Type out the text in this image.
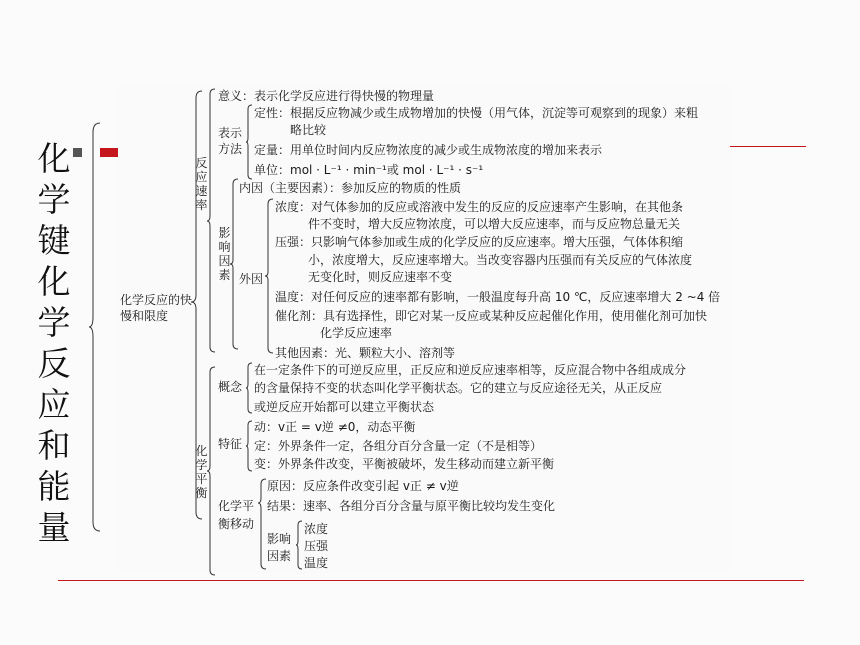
化学键化学反应和能量
化学反应的快慢和限度
反应速率
意义：表示化学反应进行得快慢的物理量
表示
方法
定性：根据反应物减少或生成物增加的快慢（用气体，沉淀等可观察到的现象）来粗
略比较
定量：用单位时间内反应物浓度的减少或生成物浓度的增加来表示
单位：mol · L⁻¹ · min⁻¹或 mol · L⁻¹ · s⁻¹
影响因素
内因（主要因素）：参加反应的物质的性质
外因
浓度：对气体参加的反应或溶液中发生的反应的反应速率产生影响，在其他条
件不变时，增大反应物浓度，可以增大反应速率，而与反应物总量无关
压强：只影响气体参加或生成的化学反应的反应速率。增大压强，气体体积缩
小，浓度增大，反应速率增大。当改变容器内压强而有关反应的气体浓度
无变化时，则反应速率不变
温度：对任何反应的速率都有影响，一般温度每升高 10 ℃，反应速率增大 2 ~4 倍
催化剂：具有选择性，即它对某一反应或某种反应起催化作用，使用催化剂可加快
化学反应速率
其他因素：光、颗粒大小、溶剂等
化学平衡
概念
在一定条件下的可逆反应里，正反应和逆反应速率相等，反应混合物中各组成成分
的含量保持不变的状态叫化学平衡状态。它的建立与反应途径无关，从正反应
或逆反应开始都可以建立平衡状态
特征
动：v正 = v逆 ≠0，动态平衡
定：外界条件一定，各组分百分含量一定（不是相等）
变：外界条件改变，平衡被破坏，发生移动而建立新平衡
化学平
衡移动
原因：反应条件改变引起 v正 ≠ v逆
结果：速率、各组分百分含量与原平衡比较均发生变化
影响
因素
浓度
压强
温度
